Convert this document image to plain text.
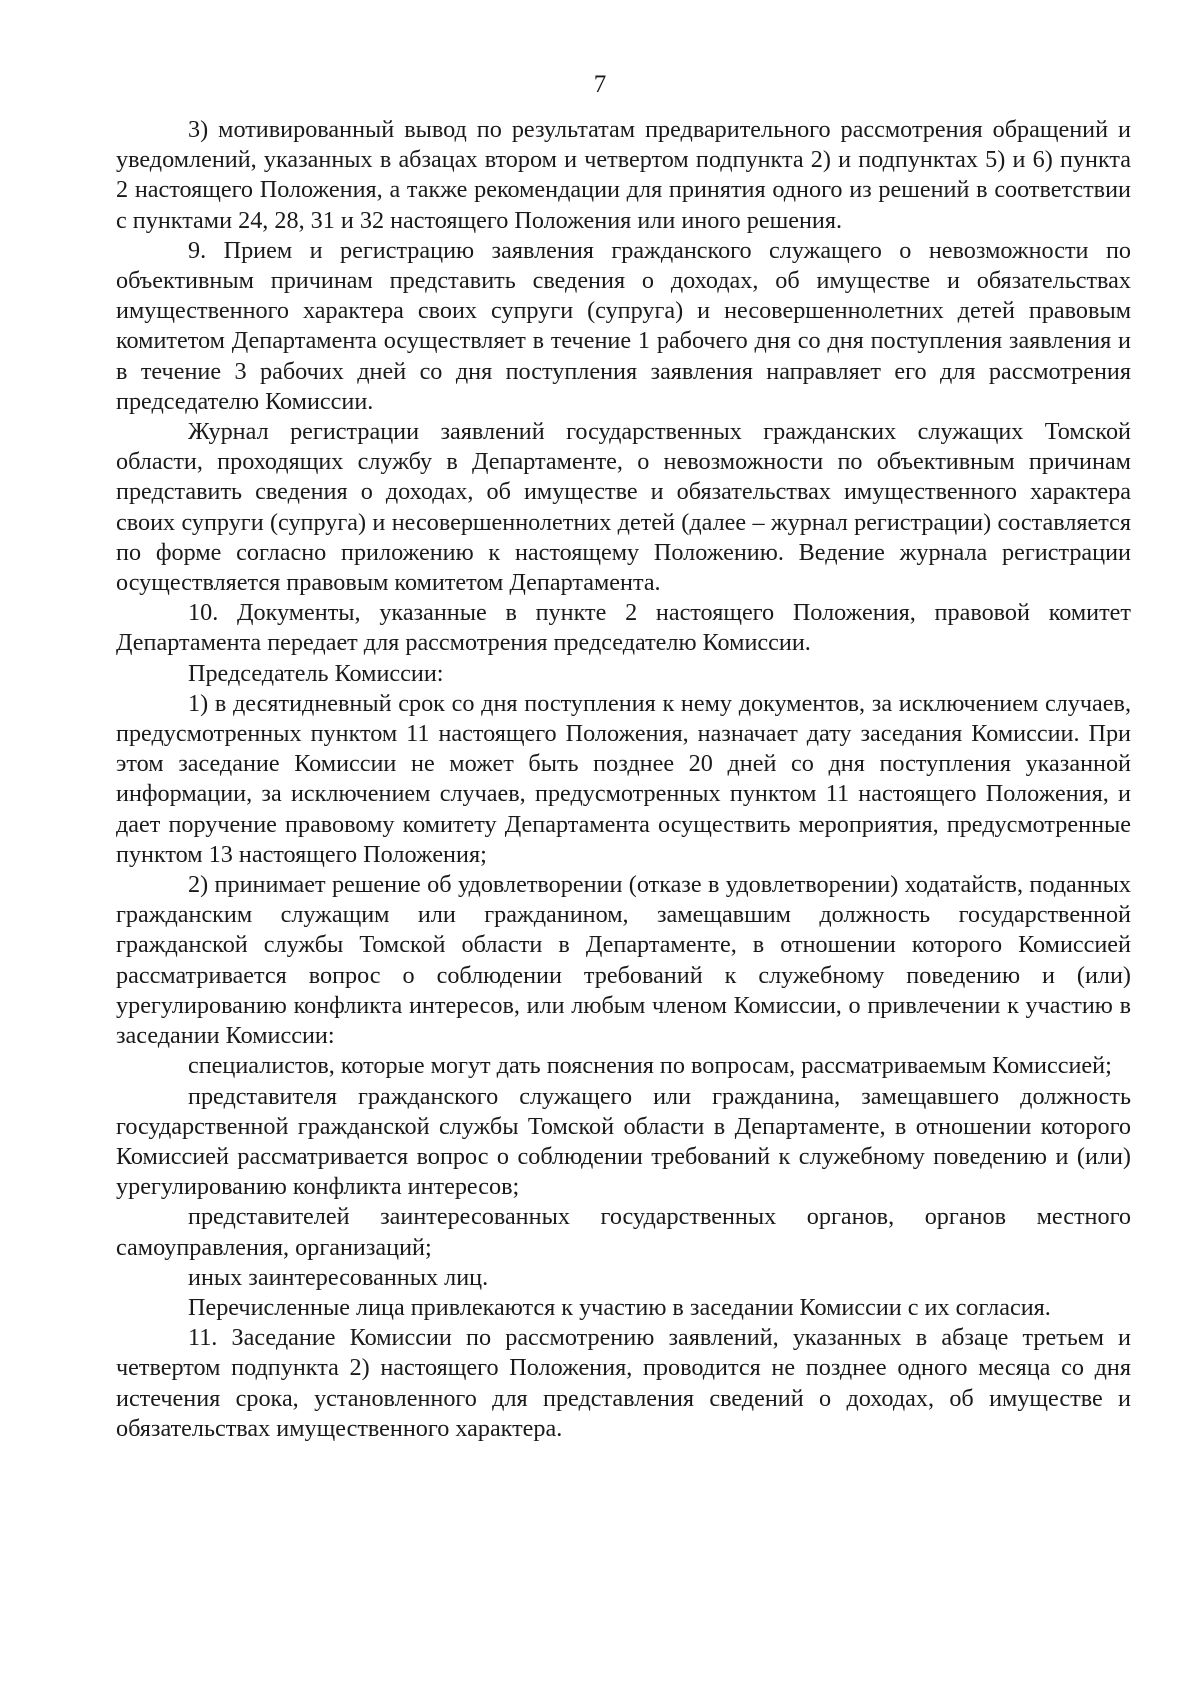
7

3) мотивированный вывод по результатам предварительного рассмотрения обращений и уведомлений, указанных в абзацах втором и четвертом подпункта 2) и подпунктах 5) и 6) пункта 2 настоящего Положения, а также рекомендации для принятия одного из решений в соответствии с пунктами 24, 28, 31 и 32 настоящего Положения или иного решения.

9. Прием и регистрацию заявления гражданского служащего о невозможности по объективным причинам представить сведения о доходах, об имуществе и обязательствах имущественного характера своих супруги (супруга) и несовершеннолетних детей правовым комитетом Департамента осуществляет в течение 1 рабочего дня со дня поступления заявления и в течение 3 рабочих дней со дня поступления заявления направляет его для рассмотрения председателю Комиссии.

Журнал регистрации заявлений государственных гражданских служащих Томской области, проходящих службу в Департаменте, о невозможности по объективным причинам представить сведения о доходах, об имуществе и обязательствах имущественного характера своих супруги (супруга) и несовершеннолетних детей (далее – журнал регистрации) составляется по форме согласно приложению к настоящему Положению. Ведение журнала регистрации осуществляется правовым комитетом Департамента.

10. Документы, указанные в пункте 2 настоящего Положения, правовой комитет Департамента передает для рассмотрения председателю Комиссии.

Председатель Комиссии:

1) в десятидневный срок со дня поступления к нему документов, за исключением случаев, предусмотренных пунктом 11 настоящего Положения, назначает дату заседания Комиссии. При этом заседание Комиссии не может быть позднее 20 дней со дня поступления указанной информации, за исключением случаев, предусмотренных пунктом 11 настоящего Положения, и дает поручение правовому комитету Департамента осуществить мероприятия, предусмотренные пунктом 13 настоящего Положения;

2) принимает решение об удовлетворении (отказе в удовлетворении) ходатайств, поданных гражданским служащим или гражданином, замещавшим должность государственной гражданской службы Томской области в Департаменте, в отношении которого Комиссией рассматривается вопрос о соблюдении требований к служебному поведению и (или) урегулированию конфликта интересов, или любым членом Комиссии, о привлечении к участию в заседании Комиссии:

специалистов, которые могут дать пояснения по вопросам, рассматриваемым Комиссией;

представителя гражданского служащего или гражданина, замещавшего должность государственной гражданской службы Томской области в Департаменте, в отношении которого Комиссией рассматривается вопрос о соблюдении требований к служебному поведению и (или) урегулированию конфликта интересов;

представителей заинтересованных государственных органов, органов местного самоуправления, организаций;

иных заинтересованных лиц.

Перечисленные лица привлекаются к участию в заседании Комиссии с их согласия.

11. Заседание Комиссии по рассмотрению заявлений, указанных в абзаце третьем и четвертом подпункта 2) настоящего Положения, проводится не позднее одного месяца со дня истечения срока, установленного для представления сведений о доходах, об имуществе и обязательствах имущественного характера.
